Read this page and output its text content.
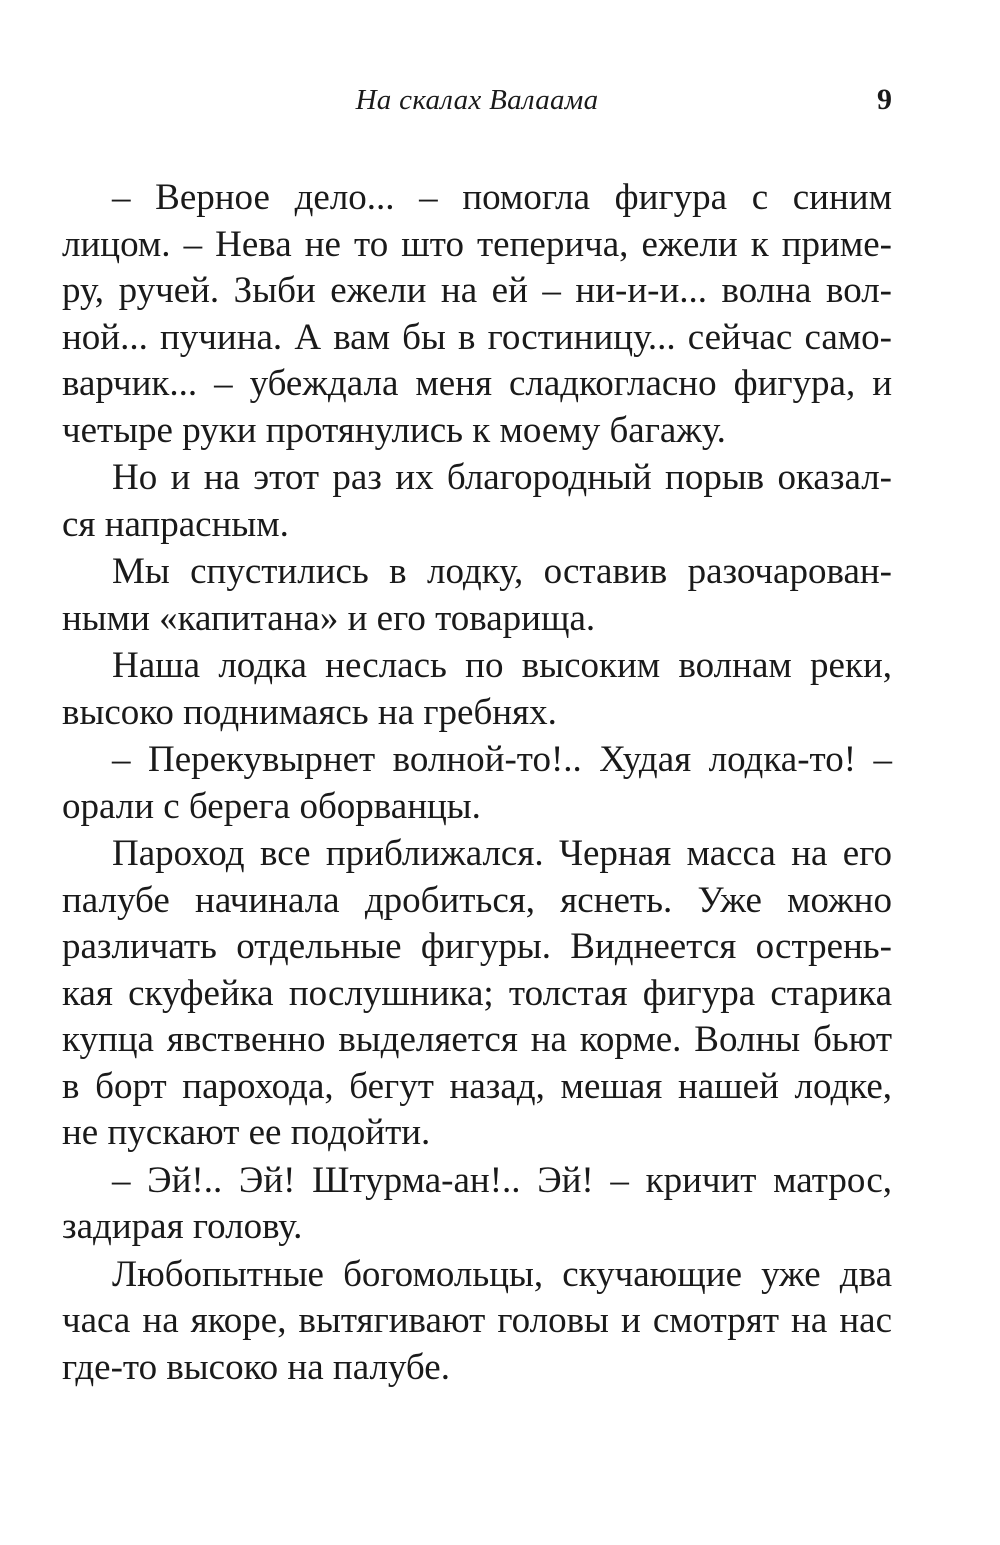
На скалах Валаама	9
– Верное дело... – помогла фигура с синим
лицом. – Нева не то што теперича, ежели к приме-
ру, ручей. Зыби ежели на ей – ни-и-и... волна вол-
ной... пучина. А вам бы в гостиницу... сейчас само-
варчик... – убеждала меня сладкогласно фигура, и
четыре руки протянулись к моему багажу.
Но и на этот раз их благородный порыв оказал-
ся напрасным.
Мы спустились в лодку, оставив разочарован-
ными «капитана» и его товарища.
Наша лодка неслась по высоким волнам реки,
высоко поднимаясь на гребнях.
– Перекувырнет волной-то!.. Худая лодка-то! –
орали с берега оборванцы.
Пароход все приближался. Черная масса на его
палубе начинала дробиться, яснеть. Уже можно
различать отдельные фигуры. Виднеется острень-
кая скуфейка послушника; толстая фигура старика
купца явственно выделяется на корме. Волны бьют
в борт парохода, бегут назад, мешая нашей лодке,
не пускают ее подойти.
– Эй!.. Эй! Штурма-ан!.. Эй! – кричит матрос,
задирая голову.
Любопытные богомольцы, скучающие уже два
часа на якоре, вытягивают головы и смотрят на нас
где-то высоко на палубе.
